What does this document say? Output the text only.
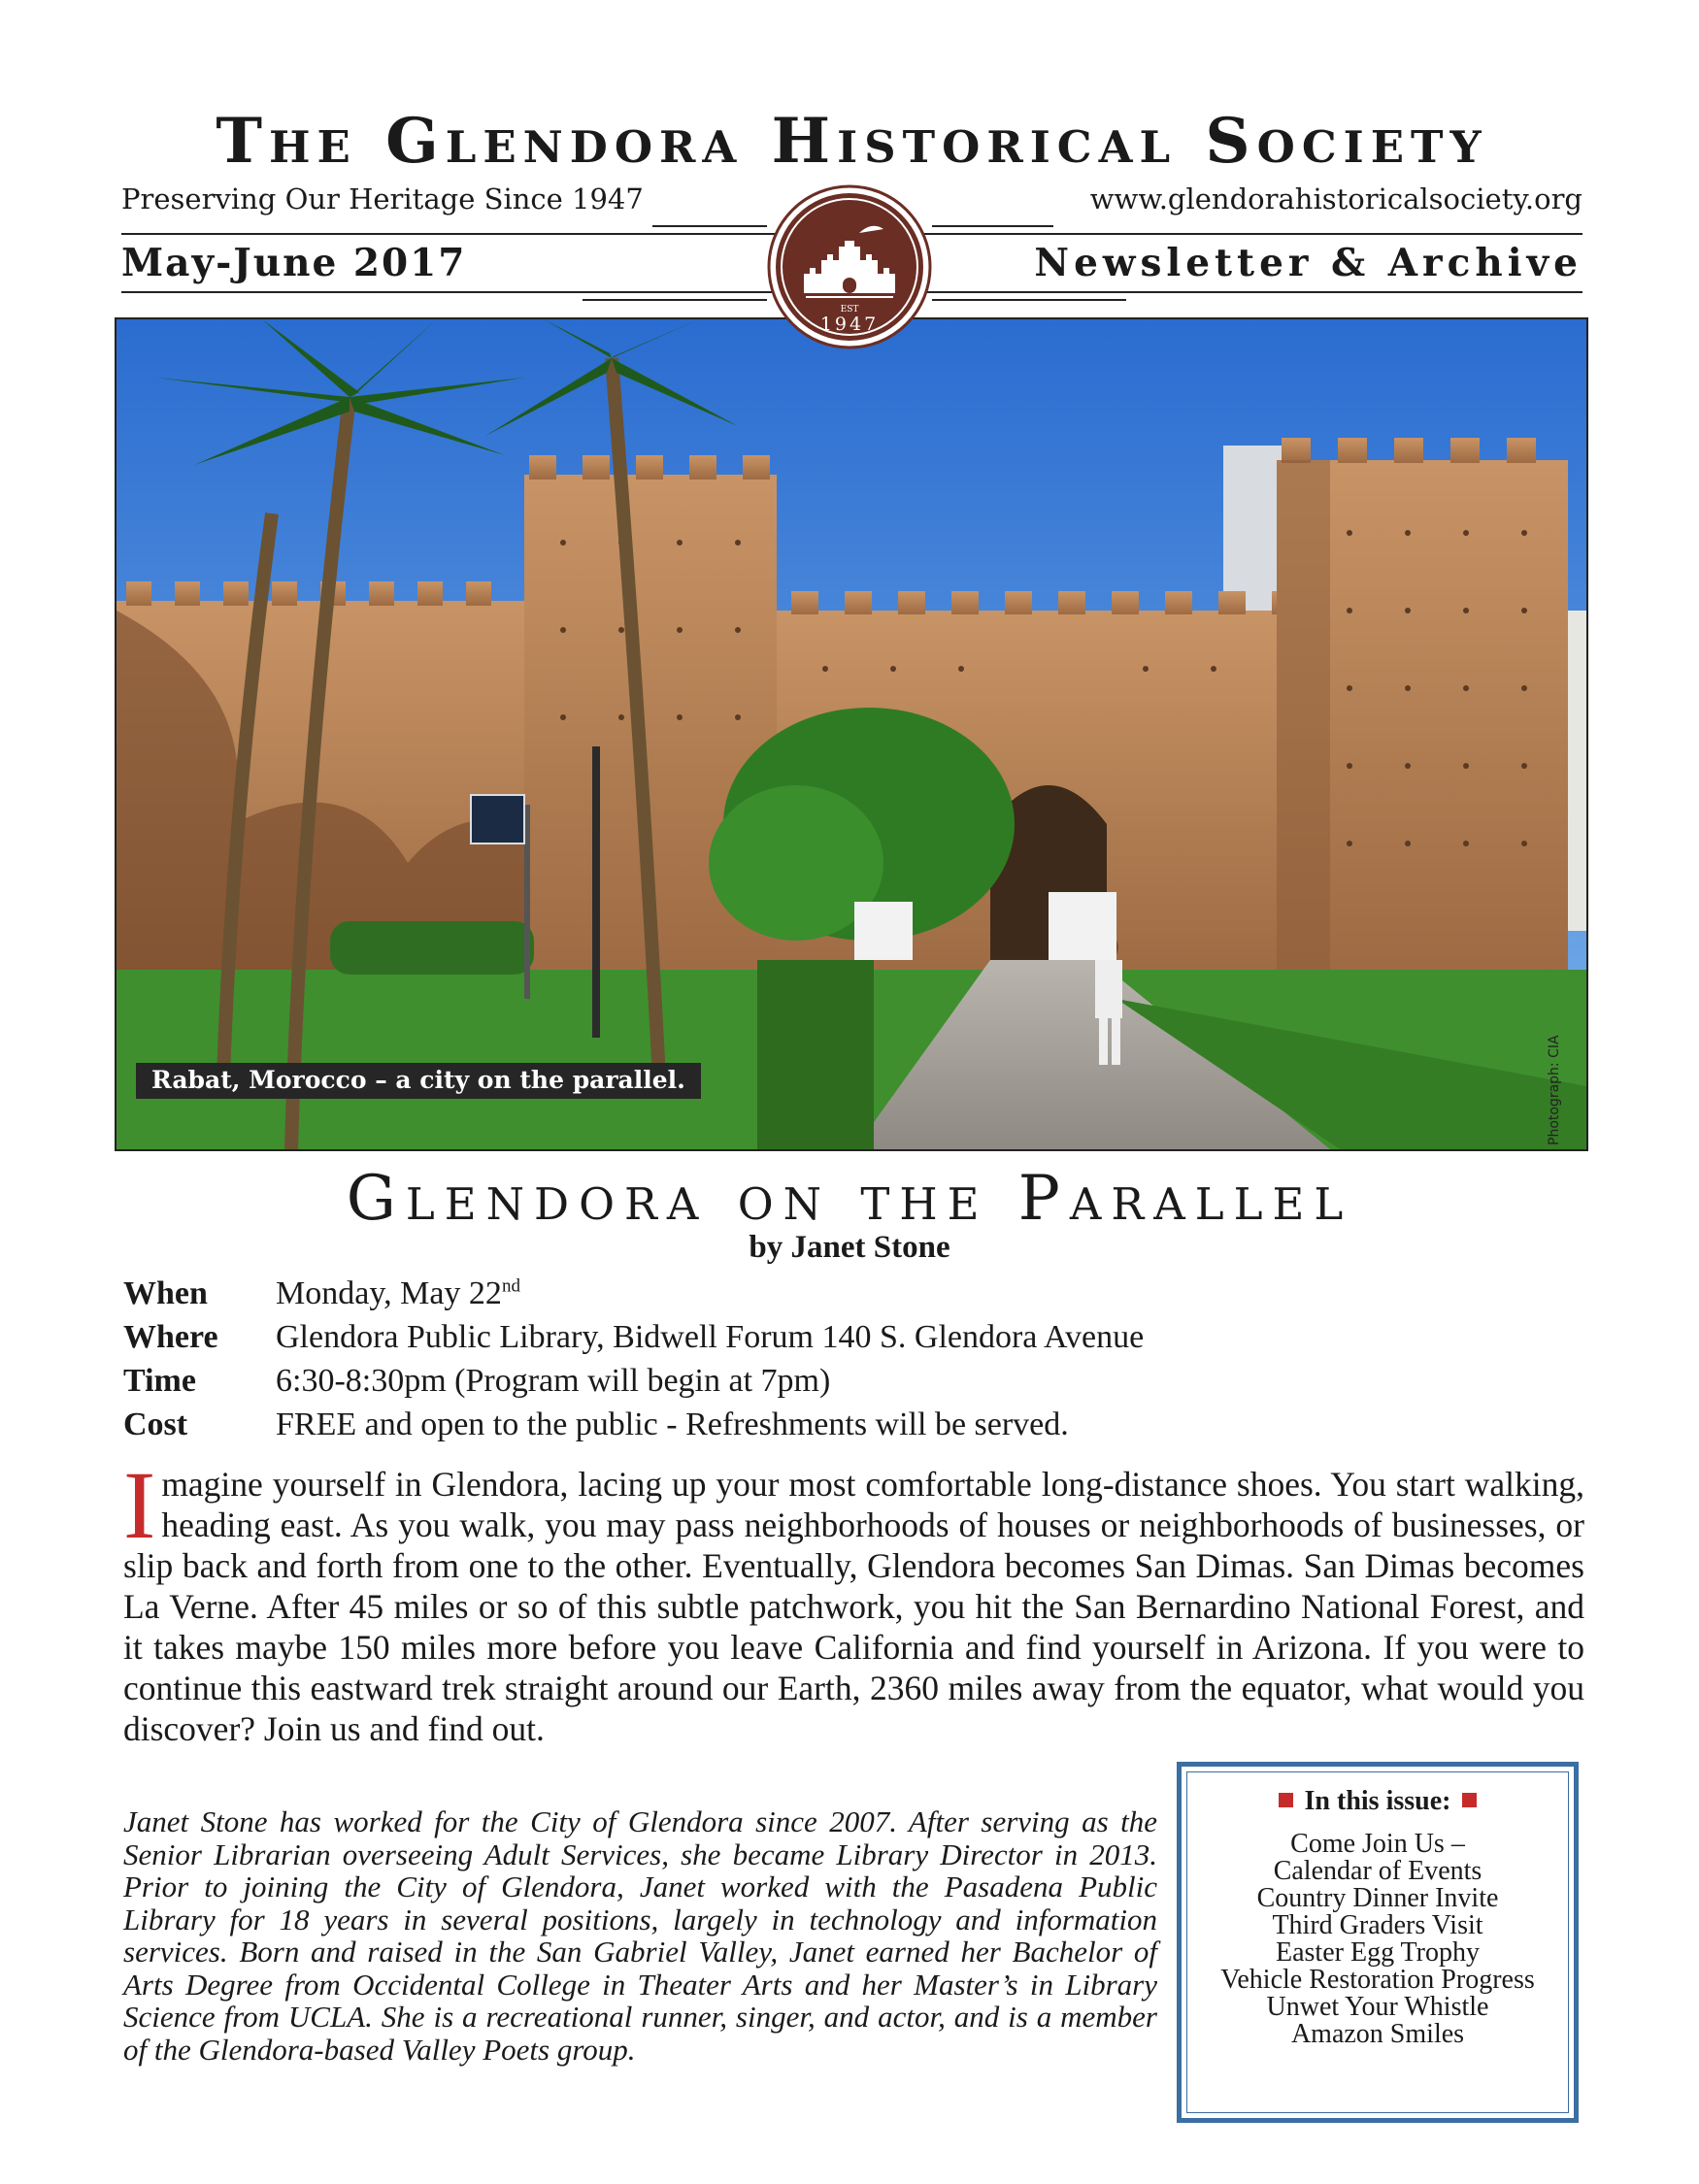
The Glendora Historical Society
Preserving Our Heritage Since 1947	www.glendorahistoricalsociety.org
May-June 2017	Newsletter & Archive
EST
1947
Rabat, Morocco – a city on the parallel.	Photograph: CIA
Glendora on the Parallel
by Janet Stone
When	Monday, May 22nd
Where	Glendora Public Library, Bidwell Forum 140 S. Glendora Avenue
Time	6:30-8:30pm (Program will begin at 7pm)
Cost	FREE and open to the public - Refreshments will be served.
Imagine yourself in Glendora, lacing up your most comfortable long-distance shoes. You start walking, heading east. As you walk, you may pass neighborhoods of houses or neighborhoods of businesses, or slip back and forth from one to the other. Eventually, Glendora becomes San Dimas. San Dimas becomes La Verne. After 45 miles or so of this subtle patchwork, you hit the San Bernardino National Forest, and it takes maybe 150 miles more before you leave California and find yourself in Arizona. If you were to continue this eastward trek straight around our Earth, 2360 miles away from the equator, what would you discover? Join us and find out.
Janet Stone has worked for the City of Glendora since 2007. After serving as the Senior Librarian overseeing Adult Services, she became Library Director in 2013. Prior to joining the City of Glendora, Janet worked with the Pasadena Public Library for 18 years in several positions, largely in technology and information services. Born and raised in the San Gabriel Valley, Janet earned her Bachelor of Arts Degree from Occidental College in Theater Arts and her Master’s in Library Science from UCLA. She is a recreational runner, singer, and actor, and is a member of the Glendora-based Valley Poets group.
In this issue:
Come Join Us –
Calendar of Events
Country Dinner Invite
Third Graders Visit
Easter Egg Trophy
Vehicle Restoration Progress
Unwet Your Whistle
Amazon Smiles
